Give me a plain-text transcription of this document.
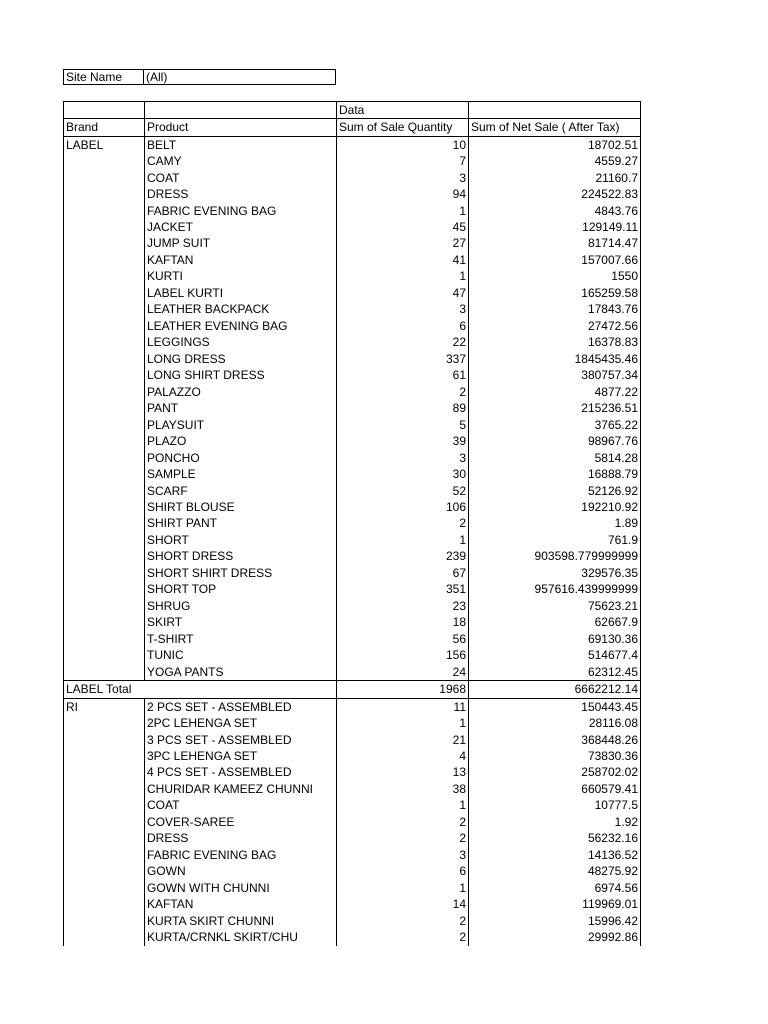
Site Name	(All)
		Data	
Brand	Product	Sum of Sale Quantity	Sum of Net Sale ( After Tax)
LABEL	BELT	10	18702.51
	CAMY	7	4559.27
	COAT	3	21160.7
	DRESS	94	224522.83
	FABRIC EVENING BAG	1	4843.76
	JACKET	45	129149.11
	JUMP SUIT	27	81714.47
	KAFTAN	41	157007.66
	KURTI	1	1550
	LABEL KURTI	47	165259.58
	LEATHER BACKPACK	3	17843.76
	LEATHER EVENING BAG	6	27472.56
	LEGGINGS	22	16378.83
	LONG DRESS	337	1845435.46
	LONG SHIRT DRESS	61	380757.34
	PALAZZO	2	4877.22
	PANT	89	215236.51
	PLAYSUIT	5	3765.22
	PLAZO	39	98967.76
	PONCHO	3	5814.28
	SAMPLE	30	16888.79
	SCARF	52	52126.92
	SHIRT BLOUSE	106	192210.92
	SHIRT PANT	2	1.89
	SHORT	1	761.9
	SHORT DRESS	239	903598.779999999
	SHORT SHIRT DRESS	67	329576.35
	SHORT TOP	351	957616.439999999
	SHRUG	23	75623.21
	SKIRT	18	62667.9
	T-SHIRT	56	69130.36
	TUNIC	156	514677.4
	YOGA PANTS	24	62312.45
LABEL Total		1968	6662212.14
RI	2 PCS SET - ASSEMBLED	11	150443.45
	2PC LEHENGA SET	1	28116.08
	3 PCS SET - ASSEMBLED	21	368448.26
	3PC LEHENGA SET	4	73830.36
	4 PCS SET - ASSEMBLED	13	258702.02
	CHURIDAR KAMEEZ CHUNNI	38	660579.41
	COAT	1	10777.5
	COVER-SAREE	2	1.92
	DRESS	2	56232.16
	FABRIC EVENING BAG	3	14136.52
	GOWN	6	48275.92
	GOWN WITH CHUNNI	1	6974.56
	KAFTAN	14	119969.01
	KURTA SKIRT CHUNNI	2	15996.42
	KURTA/CRNKL SKIRT/CHU	2	29992.86
